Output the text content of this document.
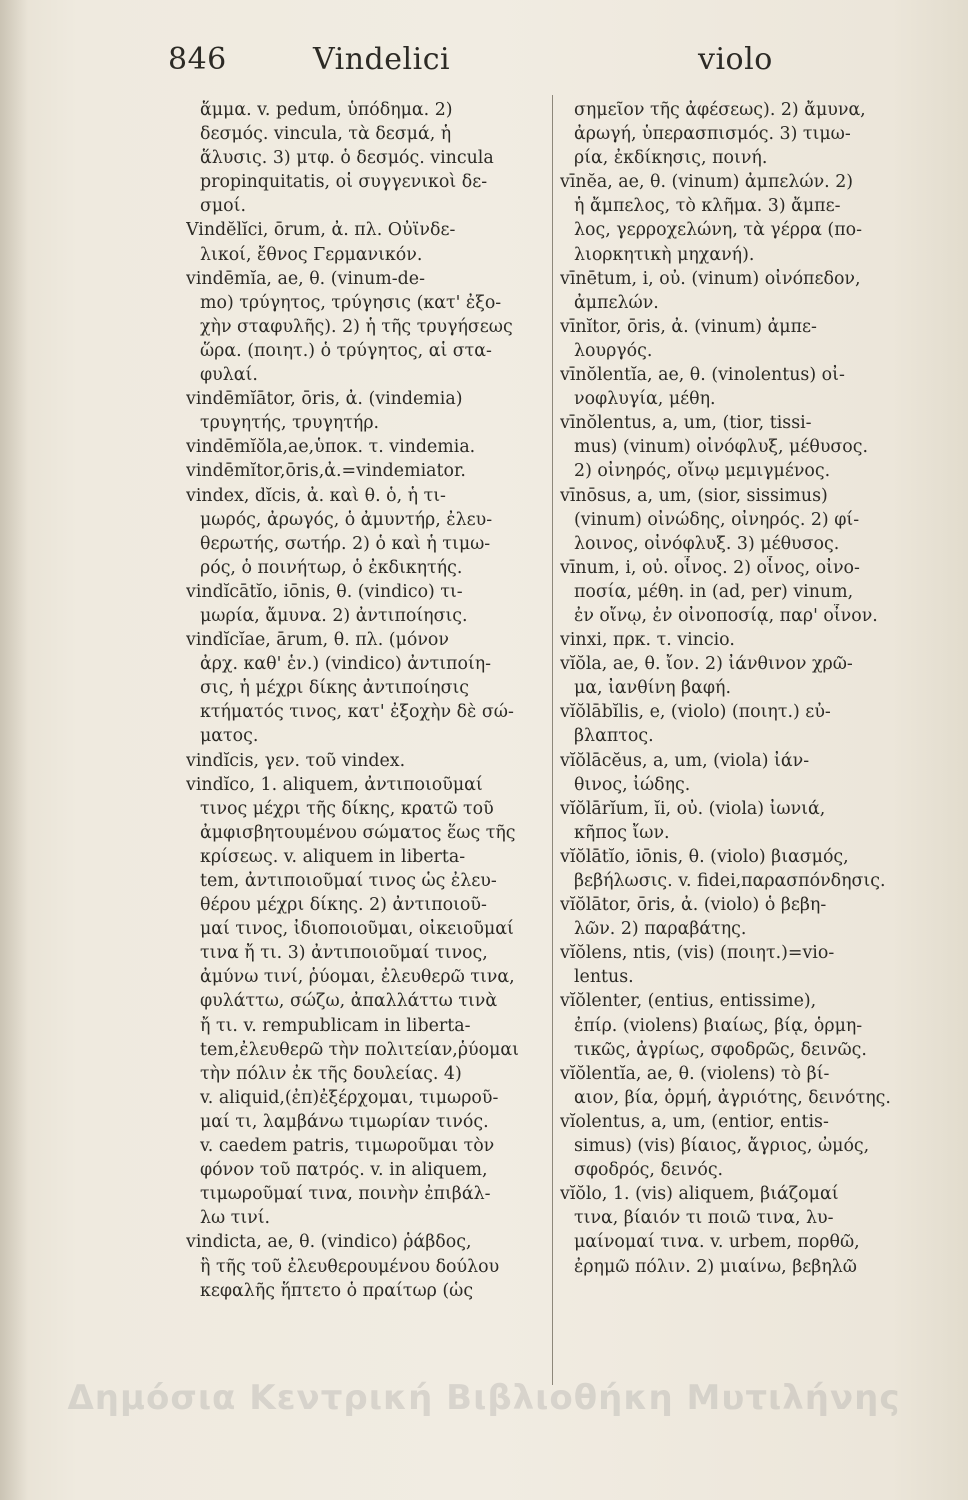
846	Vindelici	violo
ἅμμα. v. pedum, ὑπόδημα. 2)
δεσμός. vincula, τὰ δεσμά, ἡ
ἅλυσις. 3) μτφ. ὁ δεσμός. vincula
propinquitatis, οἱ συγγενικοὶ δε-
σμοί.
Vindĕlĭci, ōrum, ἀ. πλ. Οὐϊνδε-
λικοί, ἔθνος Γερμανικόν.
vindēmĭa, ae, θ. (vinum-de-
mo) τρύγητος, τρύγησις (κατ' ἐξο-
χὴν σταφυλῆς). 2) ἡ τῆς τρυγήσεως
ὥρα. (ποιητ.) ὁ τρύγητος, αἱ στα-
φυλαί.
vindēmĭātor, ōris, ἀ. (vindemia)
τρυγητής, τρυγητήρ.
vindēmĭŏla,ae,ὑποκ. τ. vindemia.
vindēmĭtor,ōris,ἀ.=vindemiator.
vindex, dĭcis, ἀ. καὶ θ. ὁ, ἡ τι-
μωρός, ἀρωγός, ὁ ἀμυντήρ, ἐλευ-
θερωτής, σωτήρ. 2) ὁ καὶ ἡ τιμω-
ρός, ὁ ποινήτωρ, ὁ ἐκδικητής.
vindĭcātĭo, iōnis, θ. (vindico) τι-
μωρία, ἄμυνα. 2) ἀντιποίησις.
vindĭcĭae, ārum, θ. πλ. (μόνον
ἀρχ. καθ' ἑν.) (vindico) ἀντιποίη-
σις, ἡ μέχρι δίκης ἀντιποίησις
κτήματός τινος, κατ' ἐξοχὴν δὲ σώ-
ματος.
vindĭcis, γεν. τοῦ vindex.
vindĭco, 1. aliquem, ἀντιποιοῦμαί
τινος μέχρι τῆς δίκης, κρατῶ τοῦ
ἀμφισβητουμένου σώματος ἕως τῆς
κρίσεως. v. aliquem in liberta-
tem, ἀντιποιοῦμαί τινος ὡς ἐλευ-
θέρου μέχρι δίκης. 2) ἀντιποιοῦ-
μαί τινος, ἰδιοποιοῦμαι, οἰκειοῦμαί
τινα ἤ τι. 3) ἀντιποιοῦμαί τινος,
ἀμύνω τινί, ῥύομαι, ἐλευθερῶ τινα,
φυλάττω, σώζω, ἀπαλλάττω τινὰ
ἤ τι. v. rempublicam in liberta-
tem,ἐλευθερῶ τὴν πολιτείαν,ῥύομαι
τὴν πόλιν ἐκ τῆς δουλείας. 4)
v. aliquid,(ἐπ)ἐξέρχομαι, τιμωροῦ-
μαί τι, λαμβάνω τιμωρίαν τινός.
v. caedem patris, τιμωροῦμαι τὸν
φόνον τοῦ πατρός. v. in aliquem,
τιμωροῦμαί τινα, ποινὴν ἐπιβάλ-
λω τινί.
vindicta, ae, θ. (vindico) ῥάβδος,
ἣ τῆς τοῦ ἐλευθερουμένου δούλου
κεφαλῆς ἥπτετο ὁ πραίτωρ (ὡς
σημεῖον τῆς ἀφέσεως). 2) ἄμυνα,
ἀρωγή, ὑπερασπισμός. 3) τιμω-
ρία, ἐκδίκησις, ποινή.
vīnĕa, ae, θ. (vinum) ἀμπελών. 2)
ἡ ἄμπελος, τὸ κλῆμα. 3) ἄμπε-
λος, γερροχελώνη, τὰ γέρρα (πο-
λιορκητικὴ μηχανή).
vīnētum, i, οὐ. (vinum) οἰνόπεδον,
ἀμπελών.
vīnĭtor, ōris, ἀ. (vinum) ἀμπε-
λουργός.
vīnŏlentĭa, ae, θ. (vinolentus) οἰ-
νοφλυγία, μέθη.
vīnŏlentus, a, um, (tior, tissi-
mus) (vinum) οἰνόφλυξ, μέθυσος.
2) οἰνηρός, οἴνῳ μεμιγμένος.
vīnōsus, a, um, (sior, sissimus)
(vinum) οἰνώδης, οἰνηρός. 2) φί-
λοινος, οἰνόφλυξ. 3) μέθυσος.
vīnum, i, οὐ. οἶνος. 2) οἶνος, οἰνο-
ποσία, μέθη. in (ad, per) vinum,
ἐν οἴνῳ, ἐν οἰνοποσίᾳ, παρ' οἶνον.
vinxi, πρκ. τ. vincio.
vĭŏla, ae, θ. ἴον. 2) ἰάνθινον χρῶ-
μα, ἰανθίνη βαφή.
vĭŏlābĭlis, e, (violo) (ποιητ.) εὐ-
βλαπτος.
vĭŏlācĕus, a, um, (viola) ἰάν-
θινος, ἰώδης.
vĭŏlārĭum, ĭi, οὐ. (viola) ἰωνιά,
κῆπος ἴων.
vĭŏlātĭo, iōnis, θ. (violo) βιασμός,
βεβήλωσις. v. fidei,παρασπόνδησις.
vĭŏlātor, ōris, ἀ. (violo) ὁ βεβη-
λῶν. 2) παραβάτης.
vĭŏlens, ntis, (vis) (ποιητ.)=vio-
lentus.
vĭŏlenter, (entius, entissime),
ἐπίρ. (violens) βιαίως, βίᾳ, ὁρμη-
τικῶς, ἀγρίως, σφοδρῶς, δεινῶς.
vĭŏlentĭa, ae, θ. (violens) τὸ βί-
αιον, βία, ὁρμή, ἀγριότης, δεινότης.
vĭolentus, a, um, (entior, entis-
simus) (vis) βίαιος, ἄγριος, ὠμός,
σφοδρός, δεινός.
vĭŏlo, 1. (vis) aliquem, βιάζομαί
τινα, βίαιόν τι ποιῶ τινα, λυ-
μαίνομαί τινα. v. urbem, πορθῶ,
ἐρημῶ πόλιν. 2) μιαίνω, βεβηλῶ
Δημόσια Κεντρική Βιβλιοθήκη Μυτιλήνης
